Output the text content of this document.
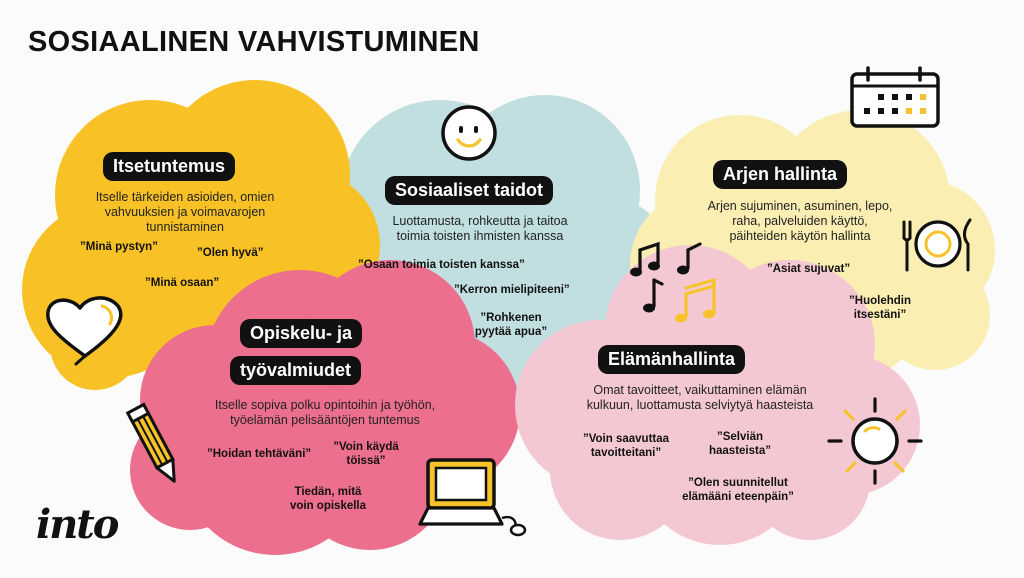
SOSIAALINEN VAHVISTUMINEN
Itsetuntemus
Itselle tärkeiden asioiden, omien
vahvuuksien ja voimavarojen
tunnistaminen
”Minä pystyn”	”Olen hyvä”
”Minä osaan”
Sosiaaliset taidot
Luottamusta, rohkeutta ja taitoa
toimia toisten ihmisten kanssa
”Osaan toimia toisten kanssa”
”Kerron mielipiteeni”
”Rohkenen
pyytää apua”
Arjen hallinta
Arjen sujuminen, asuminen, lepo,
raha, palveluiden käyttö,
päihteiden käytön hallinta
”Asiat sujuvat”
”Huolehdin
itsestäni”
Opiskelu- ja
työvalmiudet
Itselle sopiva polku opintoihin ja työhön,
työelämän pelisääntöjen tuntemus
”Hoidan tehtäväni”
”Voin käydä
töissä”
Tiedän, mitä
voin opiskella
Elämänhallinta
Omat tavoitteet, vaikuttaminen elämän
kulkuun, luottamusta selviytyä haasteista
”Voin saavuttaa
tavoitteitani”
”Selviän
haasteista”
”Olen suunnitellut
elämääni eteenpäin”
into
